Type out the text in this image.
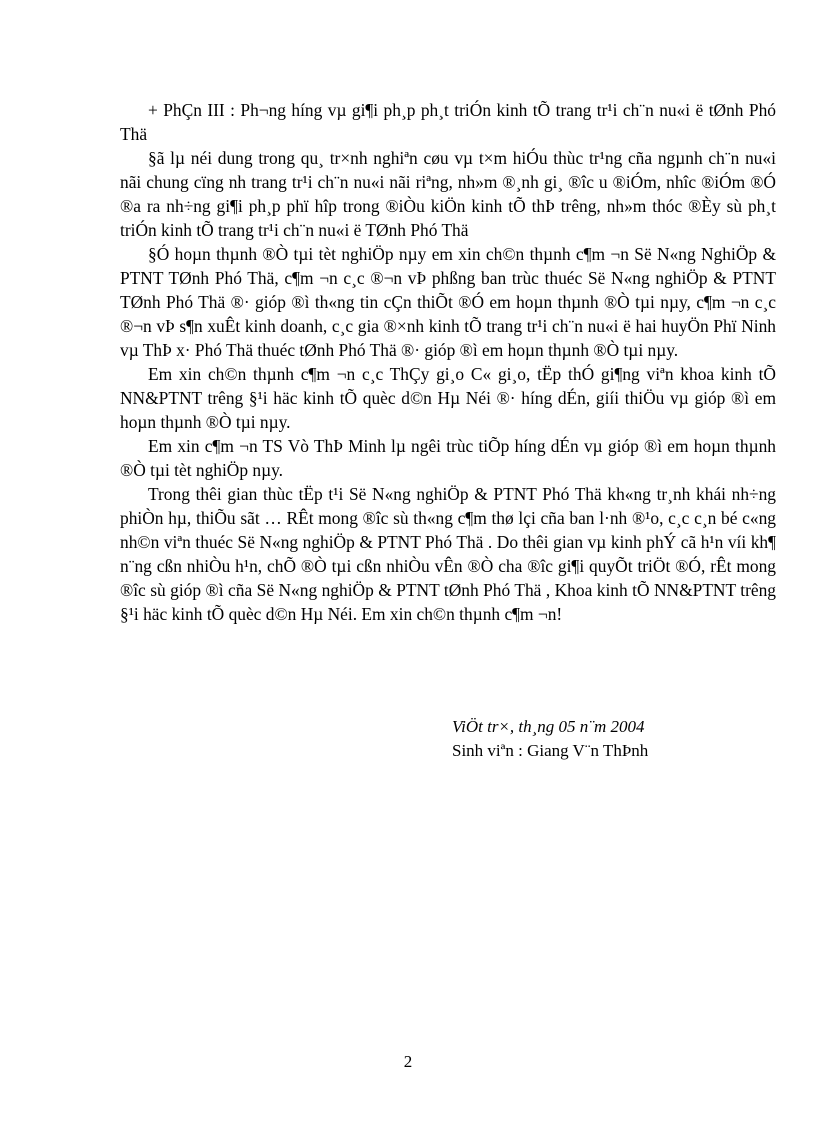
+ PhÇn III : Ph¬ng híng vµ gi¶i ph¸p ph¸t triÓn kinh tÕ trang tr¹i ch¨n nu«i ë tØnh Phó Thä

§ã lµ néi dung trong qu¸ tr×nh nghiªn cøu vµ t×m hiÓu thùc tr¹ng cña ngµnh ch¨n nu«i nãi chung cïng nh trang tr¹i ch¨n nu«i nãi riªng, nh»m ®¸nh gi¸ ®îc u ®iÓm, nhîc ®iÓm ®Ó ®a ra nh÷ng gi¶i ph¸p phï hîp trong ®iÒu kiÖn kinh tÕ thÞ trêng, nh»m thóc ®Èy sù ph¸t triÓn kinh tÕ trang tr¹i ch¨n nu«i ë TØnh Phó Thä

§Ó hoµn thµnh ®Ò tµi tèt nghiÖp nµy em xin ch©n thµnh c¶m ¬n Së N«ng NghiÖp & PTNT TØnh Phó Thä, c¶m ¬n c¸c ®¬n vÞ phßng ban trùc thuéc Së N«ng nghiÖp & PTNT TØnh Phó Thä ®· gióp ®ì th«ng tin cÇn thiÕt ®Ó em hoµn thµnh ®Ò tµi nµy, c¶m ¬n c¸c ®¬n vÞ s¶n xuÊt kinh doanh, c¸c gia ®×nh kinh tÕ trang tr¹i ch¨n nu«i ë hai huyÖn Phï Ninh vµ ThÞ x· Phó Thä thuéc tØnh Phó Thä ®· gióp ®ì em hoµn thµnh ®Ò tµi nµy.

Em xin ch©n thµnh c¶m ¬n c¸c ThÇy gi¸o C« gi¸o, tËp thÓ gi¶ng viªn khoa kinh tÕ NN&PTNT trêng §¹i häc kinh tÕ quèc d©n Hµ Néi ®· híng dÉn, giíi thiÖu vµ gióp ®ì em hoµn thµnh ®Ò tµi nµy.

Em xin c¶m ¬n TS Vò ThÞ Minh lµ ngêi trùc tiÕp híng dÉn vµ gióp ®ì em hoµn thµnh ®Ò tµi tèt nghiÖp nµy.

Trong thêi gian thùc tËp t¹i Së N«ng nghiÖp & PTNT Phó Thä kh«ng tr¸nh khái nh÷ng phiÒn hµ, thiÕu sãt … RÊt mong ®îc sù th«ng c¶m thø lçi cña ban l·nh ®¹o, c¸c c¸n bé c«ng nh©n viªn thuéc Së N«ng nghiÖp & PTNT Phó Thä . Do thêi gian vµ kinh phÝ cã h¹n víi kh¶ n¨ng cßn nhiÒu h¹n, chÕ ®Ò tµi cßn nhiÒu vÊn ®Ò cha ®îc gi¶i quyÕt triÖt ®Ó, rÊt mong ®îc sù gióp ®ì cña Së N«ng nghiÖp & PTNT tØnh Phó Thä , Khoa kinh tÕ NN&PTNT trêng §¹i häc kinh tÕ quèc d©n Hµ Néi. Em xin ch©n thµnh c¶m ¬n!

ViÖt tr×, th¸ng 05 n¨m 2004
Sinh viªn : Giang V¨n ThÞnh
2
